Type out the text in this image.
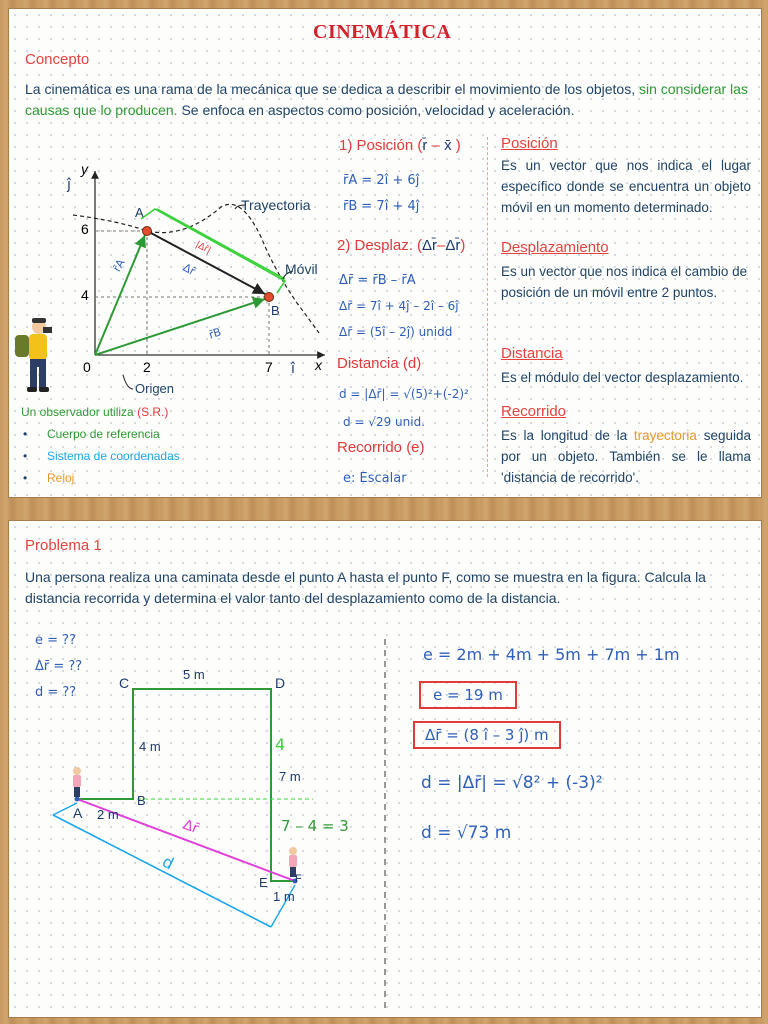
CINEMÁTICA
Concepto
La cinemática es una rama de la mecánica que se dedica a describir el movimiento de los objetos, sin considerar las causas que lo producen. Se enfoca en aspectos como posición, velocidad y aceleración.
y
x
ĵ
î
6
4
0	2	7
A
B
Trayectoria
Móvil
Origen
r̄A
r̄B
Δr̄
|Δr̄|
Un observador utiliza (S.R.)
• Cuerpo de referencia
• Sistema de coordenadas
• Reloj
1) Posición (r̄ – x̄ )
r̄A = 2î + 6ĵ
r̄B = 7î + 4ĵ
2) Desplaz. (Δr̄–Δr̄)
Δr̄ = r̄B – r̄A
Δr̄ = 7î + 4ĵ – 2î – 6ĵ
Δr̄ = (5î – 2ĵ) unidd
Distancia (d)
d = |Δr̄| = √(5)²+(-2)²
d = √29 unid.
Recorrido (e)
e: Escalar
Posición
Es un vector que nos indica el lugar específico donde se encuentra un objeto móvil en un momento determinado.
Desplazamiento
Es un vector que nos indica el cambio de posición de un móvil entre 2 puntos.
Distancia
Es el módulo del vector desplazamiento.
Recorrido
Es la longitud de la trayectoria seguida por un objeto. También se le llama 'distancia de recorrido'.
Problema 1
Una persona realiza una caminata desde el punto A hasta el punto F, como se muestra en la figura. Calcula la distancia recorrida y determina el valor tanto del desplazamiento como de la distancia.
e = ??
Δr̄ = ??
d = ??
A
B
C	D
E F
2 m
4 m
5 m
7 m
1 m
4
7 – 4 = 3
Δr̄
d
e = 2m + 4m + 5m + 7m + 1m
e = 19 m
Δr̄ = (8 î – 3 ĵ) m
d = |Δr̄| = √8² + (-3)²
d = √73 m
